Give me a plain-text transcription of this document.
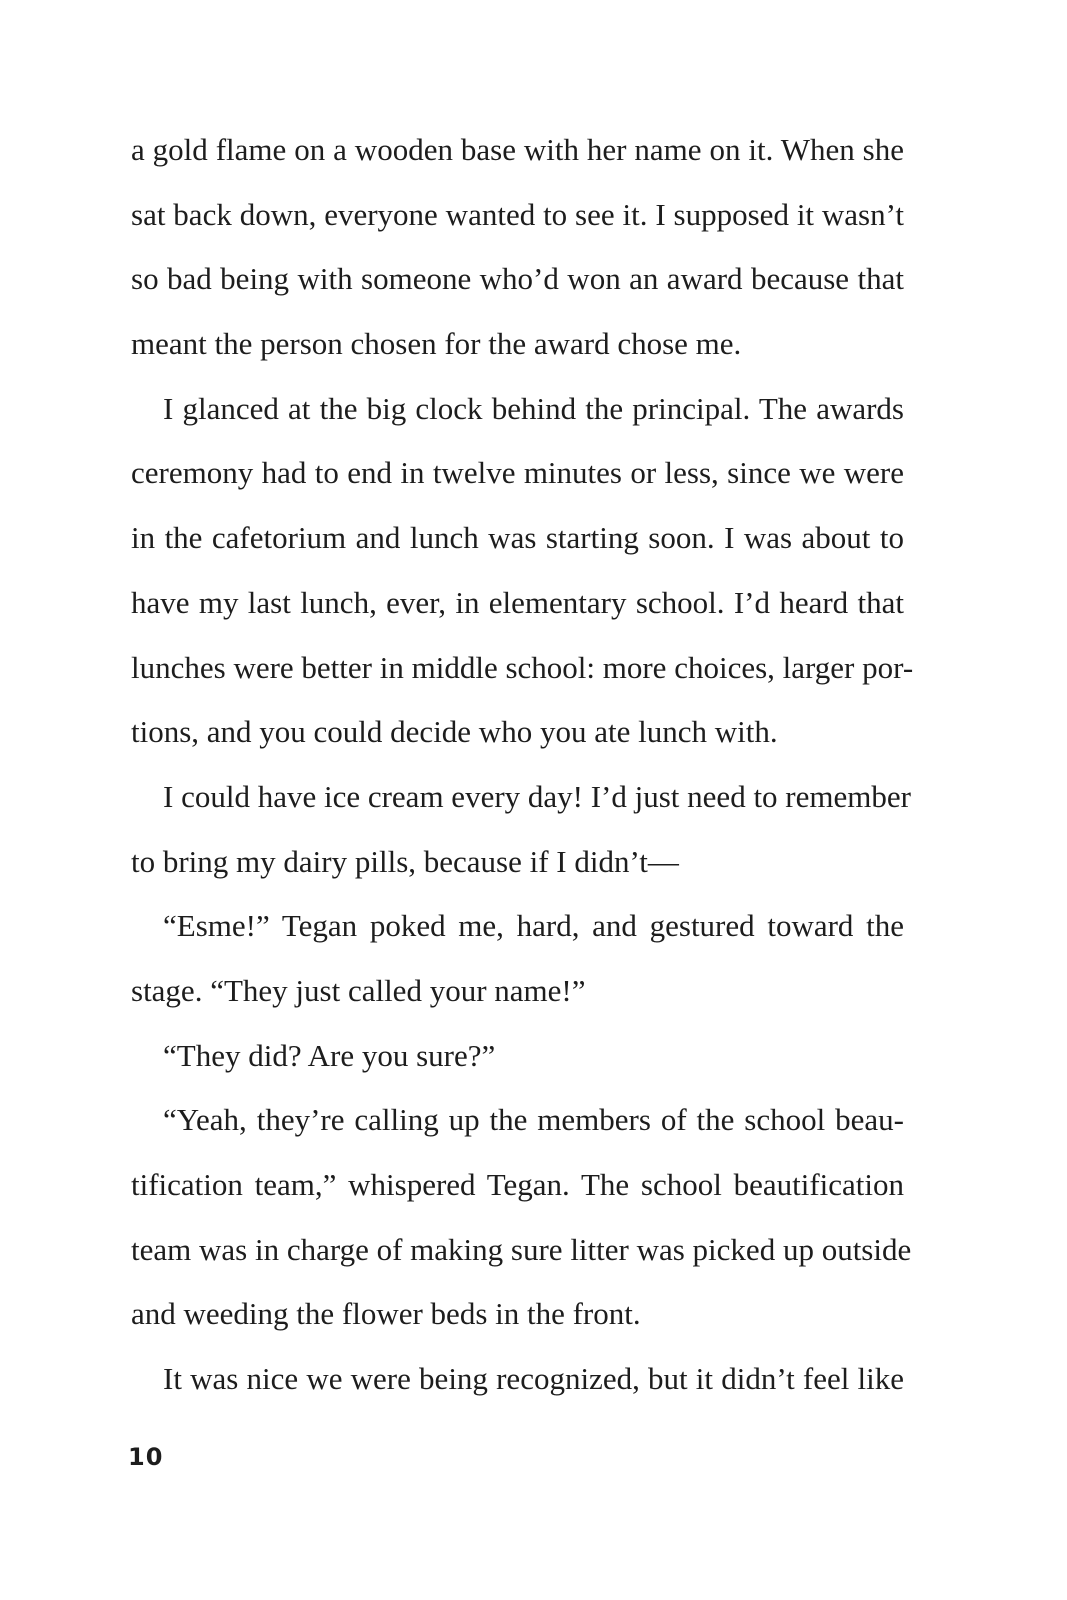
a gold flame on a wooden base with her name on it. When she
sat back down, everyone wanted to see it. I supposed it wasn’t
so bad being with someone who’d won an award because that
meant the person chosen for the award chose me.
I glanced at the big clock behind the principal. The awards
ceremony had to end in twelve minutes or less, since we were
in the cafetorium and lunch was starting soon. I was about to
have my last lunch, ever, in elementary school. I’d heard that
lunches were better in middle school: more choices, larger por-
tions, and you could decide who you ate lunch with.
I could have ice cream every day! I’d just need to remember
to bring my dairy pills, because if I didn’t—
“Esme!” Tegan poked me, hard, and gestured toward the
stage. “They just called your name!”
“They did? Are you sure?”
“Yeah, they’re calling up the members of the school beau-
tification team,” whispered Tegan. The school beautification
team was in charge of making sure litter was picked up outside
and weeding the flower beds in the front.
It was nice we were being recognized, but it didn’t feel like
10
